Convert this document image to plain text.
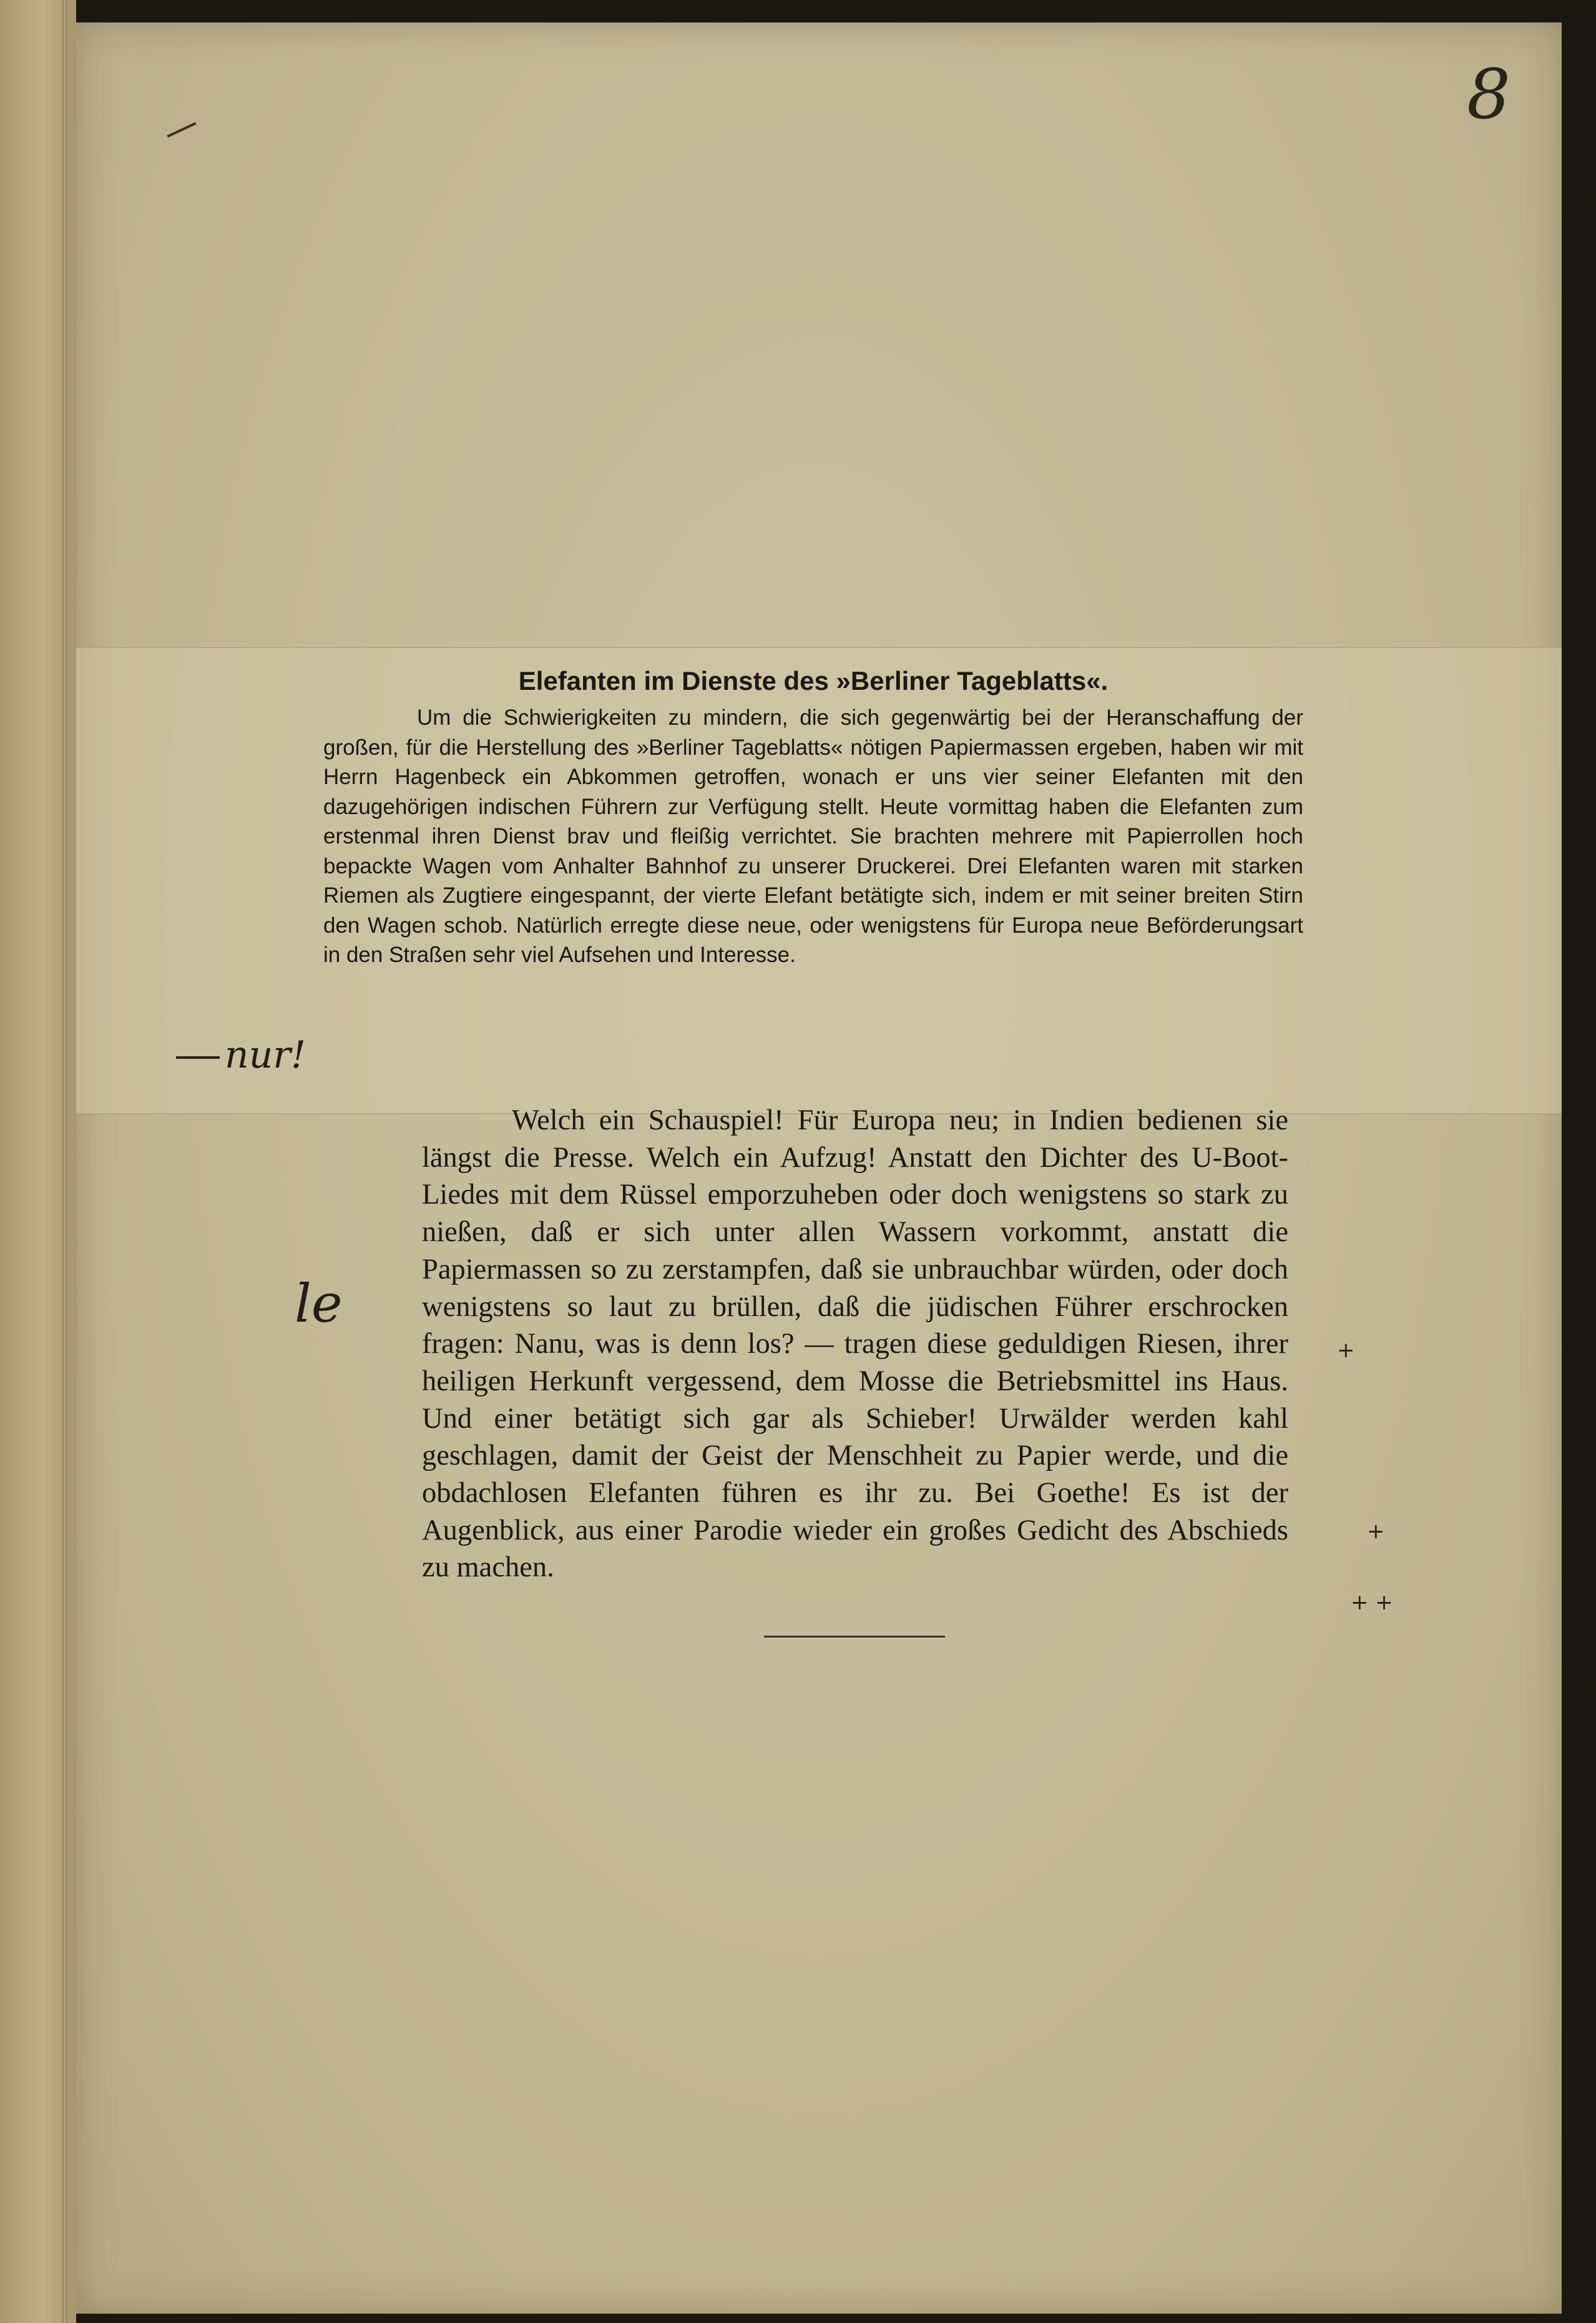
8

Elefanten im Dienste des »Berliner Tageblatts«.

Um die Schwierigkeiten zu mindern, die sich gegenwärtig bei der Heranschaffung der großen, für die Herstellung des »Berliner Tageblatts« nötigen Papiermassen ergeben, haben wir mit Herrn Hagenbeck ein Abkommen getroffen, wonach er uns vier seiner Elefanten mit den dazugehörigen indischen Führern zur Verfügung stellt. Heute vormittag haben die Elefanten zum erstenmal ihren Dienst brav und fleißig verrichtet. Sie brachten mehrere mit Papierrollen hoch bepackte Wagen vom Anhalter Bahnhof zu unserer Druckerei. Drei Elefanten waren mit starken Riemen als Zugtiere eingespannt, der vierte Elefant betätigte sich, indem er mit seiner breiten Stirn den Wagen schob. Natürlich erregte diese neue, oder wenigstens für Europa neue Beförderungsart in den Straßen sehr viel Aufsehen und Interesse.

Welch ein Schauspiel! Für Europa neu; in Indien bedienen sie längst die Presse. Welch ein Aufzug! Anstatt den Dichter des U-Boot-Liedes mit dem Rüssel emporzuheben oder doch wenigstens so stark zu nießen, daß er sich unter allen Wassern vorkommt, anstatt die Papiermassen so zu zerstampfen, daß sie unbrauchbar würden, oder doch wenigstens so laut zu brüllen, daß die jüdischen Führer erschrocken fragen: Nanu, was is denn los? — tragen diese geduldigen Riesen, ihrer heiligen Herkunft vergessend, dem Mosse die Betriebsmittel ins Haus. Und einer betätigt sich gar als Schieber! Urwälder werden kahl geschlagen, damit der Geist der Menschheit zu Papier werde, und die obdachlosen Elefanten führen es ihr zu. Bei Goethe! Es ist der Augenblick, aus einer Parodie wieder ein großes Gedicht des Abschieds zu machen.

nur!
le
+
+
+ +
